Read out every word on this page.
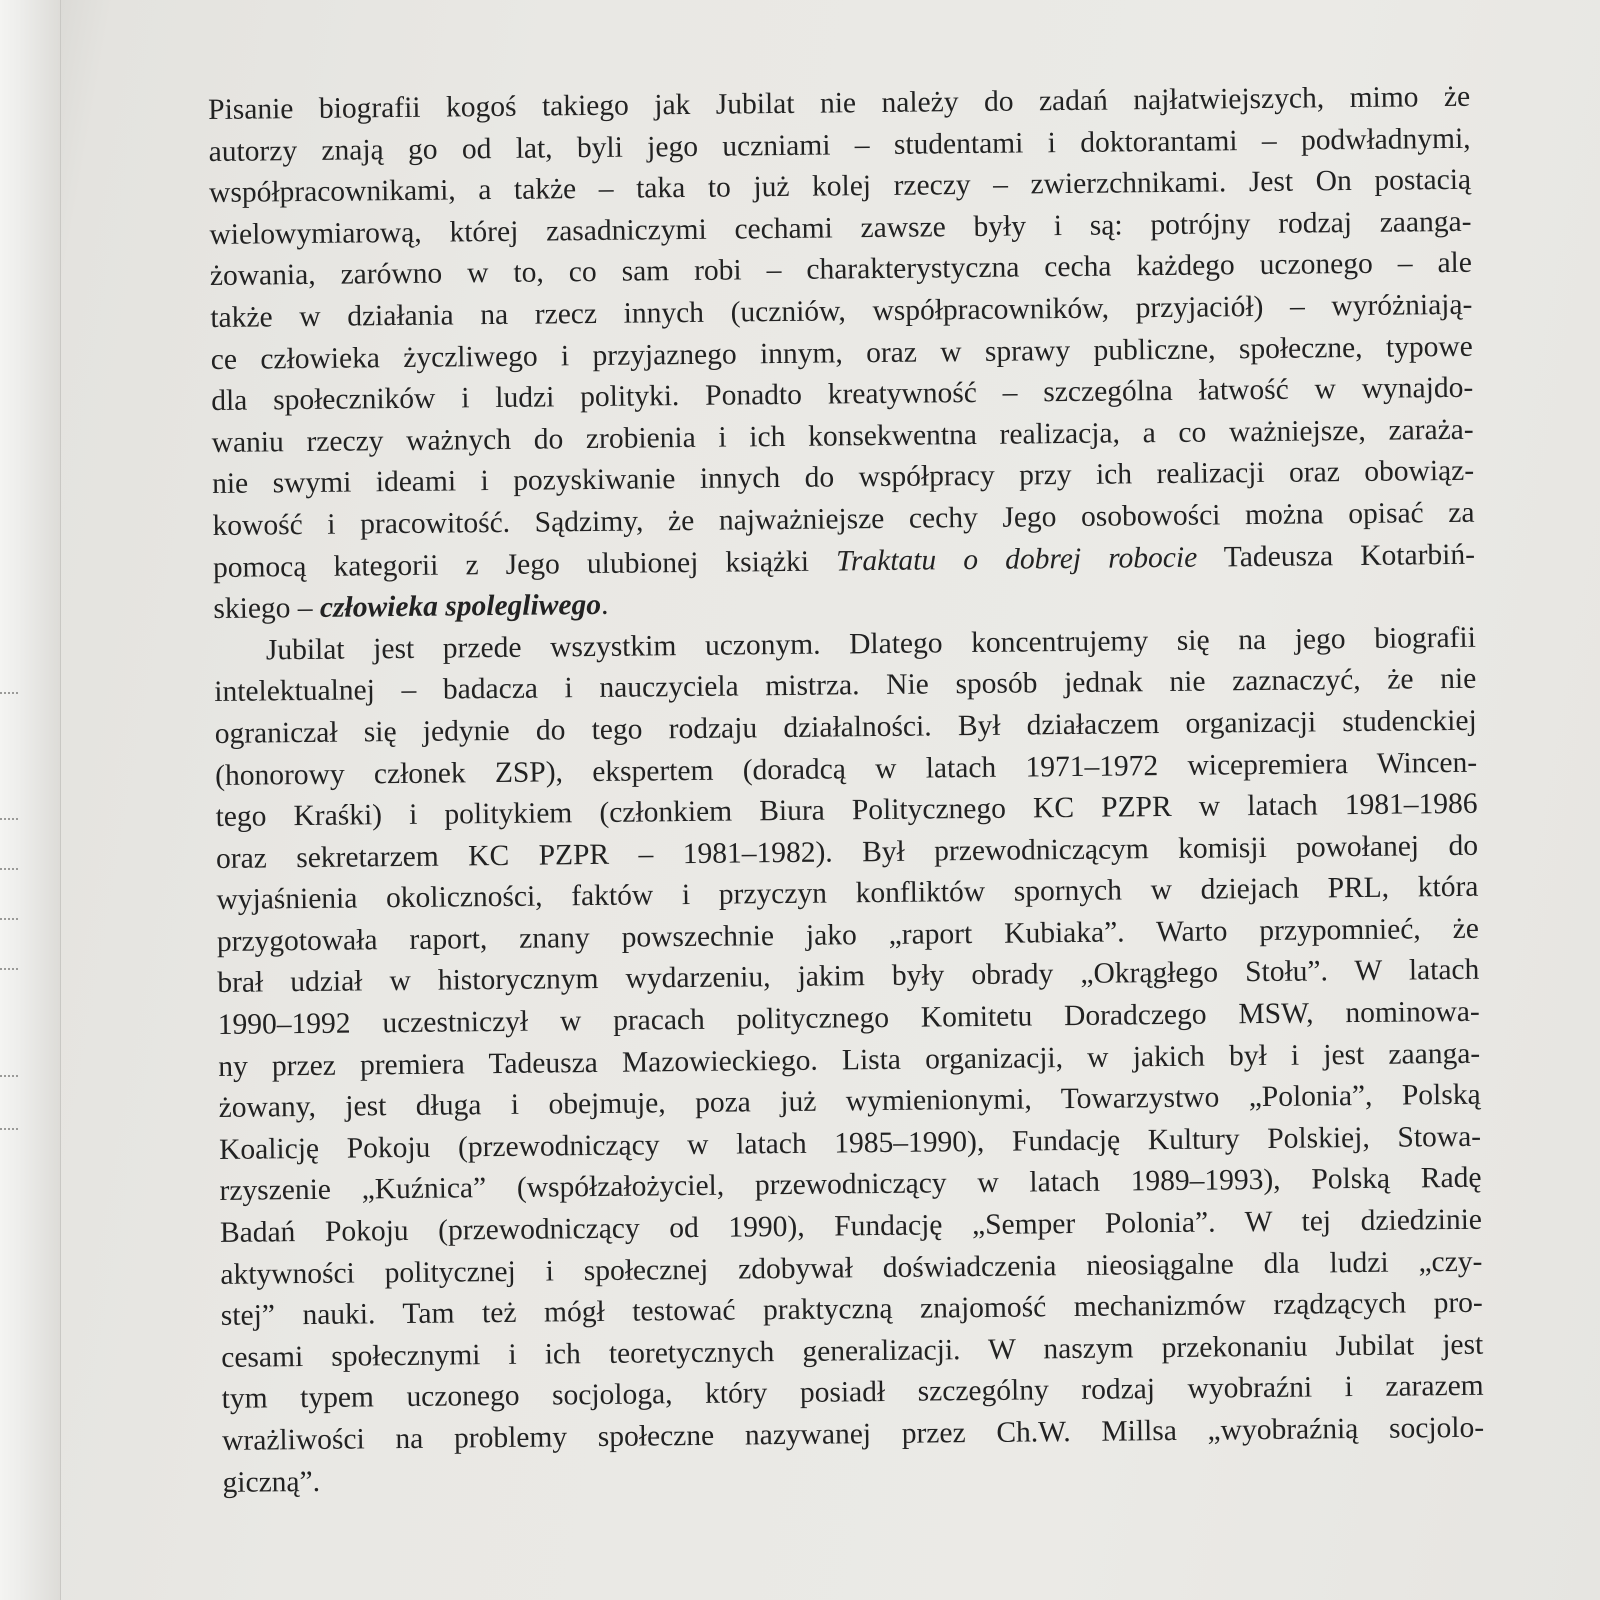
Pisanie biografii kogoś takiego jak Jubilat nie należy do zadań najłatwiejszych, mimo że
autorzy znają go od lat, byli jego uczniami – studentami i doktorantami – podwładnymi,
współpracownikami, a także – taka to już kolej rzeczy – zwierzchnikami. Jest On postacią
wielowymiarową, której zasadniczymi cechami zawsze były i są: potrójny rodzaj zaanga-
żowania, zarówno w to, co sam robi – charakterystyczna cecha każdego uczonego – ale
także w działania na rzecz innych (uczniów, współpracowników, przyjaciół) – wyróżniają-
ce człowieka życzliwego i przyjaznego innym, oraz w sprawy publiczne, społeczne, typowe
dla społeczników i ludzi polityki. Ponadto kreatywność – szczególna łatwość w wynajdo-
waniu rzeczy ważnych do zrobienia i ich konsekwentna realizacja, a co ważniejsze, zaraża-
nie swymi ideami i pozyskiwanie innych do współpracy przy ich realizacji oraz obowiąz-
kowość i pracowitość. Sądzimy, że najważniejsze cechy Jego osobowości można opisać za
pomocą kategorii z Jego ulubionej książki Traktatu o dobrej robocie Tadeusza Kotarbiń-
skiego – człowieka spolegliwego.
Jubilat jest przede wszystkim uczonym. Dlatego koncentrujemy się na jego biografii
intelektualnej – badacza i nauczyciela mistrza. Nie sposób jednak nie zaznaczyć, że nie
ograniczał się jedynie do tego rodzaju działalności. Był działaczem organizacji studenckiej
(honorowy członek ZSP), ekspertem (doradcą w latach 1971–1972 wicepremiera Wincen-
tego Kraśki) i politykiem (członkiem Biura Politycznego KC PZPR w latach 1981–1986
oraz sekretarzem KC PZPR – 1981–1982). Był przewodniczącym komisji powołanej do
wyjaśnienia okoliczności, faktów i przyczyn konfliktów spornych w dziejach PRL, która
przygotowała raport, znany powszechnie jako „raport Kubiaka”. Warto przypomnieć, że
brał udział w historycznym wydarzeniu, jakim były obrady „Okrągłego Stołu”. W latach
1990–1992 uczestniczył w pracach politycznego Komitetu Doradczego MSW, nominowa-
ny przez premiera Tadeusza Mazowieckiego. Lista organizacji, w jakich był i jest zaanga-
żowany, jest długa i obejmuje, poza już wymienionymi, Towarzystwo „Polonia”, Polską
Koalicję Pokoju (przewodniczący w latach 1985–1990), Fundację Kultury Polskiej, Stowa-
rzyszenie „Kuźnica” (współzałożyciel, przewodniczący w latach 1989–1993), Polską Radę
Badań Pokoju (przewodniczący od 1990), Fundację „Semper Polonia”. W tej dziedzinie
aktywności politycznej i społecznej zdobywał doświadczenia nieosiągalne dla ludzi „czy-
stej” nauki. Tam też mógł testować praktyczną znajomość mechanizmów rządzących pro-
cesami społecznymi i ich teoretycznych generalizacji. W naszym przekonaniu Jubilat jest
tym typem uczonego socjologa, który posiadł szczególny rodzaj wyobraźni i zarazem
wrażliwości na problemy społeczne nazywanej przez Ch.W. Millsa „wyobraźnią socjolo-
giczną”.
